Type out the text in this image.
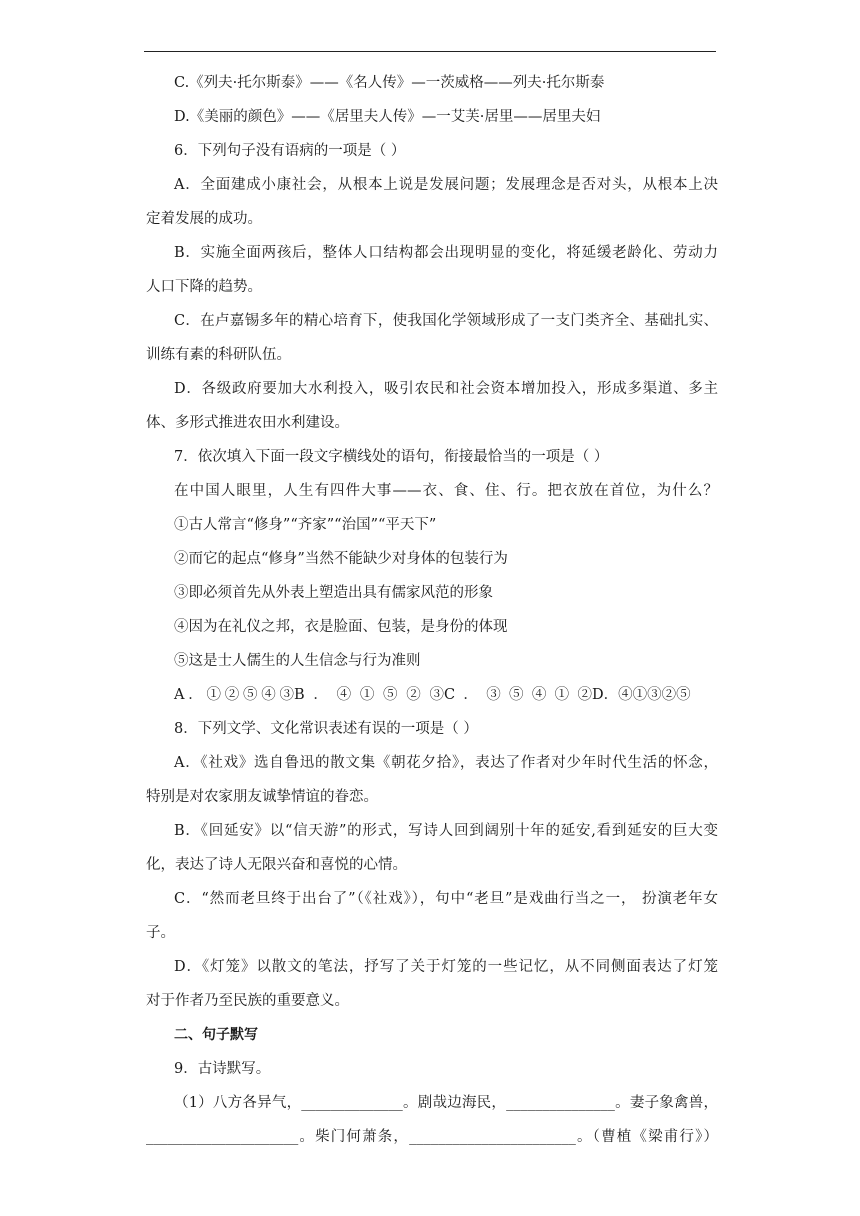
C.《列夫·托尔斯泰》——《名人传》—一茨威格——列夫·托尔斯泰
D.《美丽的颜色》——《居里夫人传》—一艾芙·居里——居里夫妇
6．下列句子没有语病的一项是（ ）
A．全面建成小康社会，从根本上说是发展问题；发展理念是否对头，从根本上决
定着发展的成功。
B．实施全面两孩后，整体人口结构都会出现明显的变化，将延缓老龄化、劳动力
人口下降的趋势。
C．在卢嘉锡多年的精心培育下，使我国化学领域形成了一支门类齐全、基础扎实、
训练有素的科研队伍。
D．各级政府要加大水利投入，吸引农民和社会资本增加投入，形成多渠道、多主
体、多形式推进农田水利建设。
7．依次填入下面一段文字横线处的语句，衔接最恰当的一项是（ ）
在中国人眼里，人生有四件大事——衣、食、住、行。把衣放在首位，为什么？
①古人常言“修身”“齐家”“治国”“平天下”
②而它的起点“修身”当然不能缺少对身体的包装行为
③即必须首先从外表上塑造出具有儒家风范的形象
④因为在礼仪之邦，衣是脸面、包装，是身份的体现
⑤这是士人儒生的人生信念与行为准则
A．①②⑤④③ B．④①⑤②③ C．③⑤④①② D．④①③②⑤
8．下列文学、文化常识表述有误的一项是（ ）
A．《社戏》选自鲁迅的散文集《朝花夕拾》，表达了作者对少年时代生活的怀念，
特别是对农家朋友诚挚情谊的眷恋。
B．《回延安》以“信天游”的形式，写诗人回到阔别十年的延安,看到延安的巨大变
化，表达了诗人无限兴奋和喜悦的心情。
C．“然而老旦终于出台了”（《社戏》），句中“老旦”是戏曲行当之一， 扮演老年女
子。
D．《灯笼》以散文的笔法，抒写了关于灯笼的一些记忆，从不同侧面表达了灯笼
对于作者乃至民族的重要意义。
二、句子默写
9．古诗默写。
（1）八方各异气，______________。剧哉边海民，_______________。妻子象禽兽，
_____________________。柴门何萧条，_______________________。（曹植《梁甫行》）
